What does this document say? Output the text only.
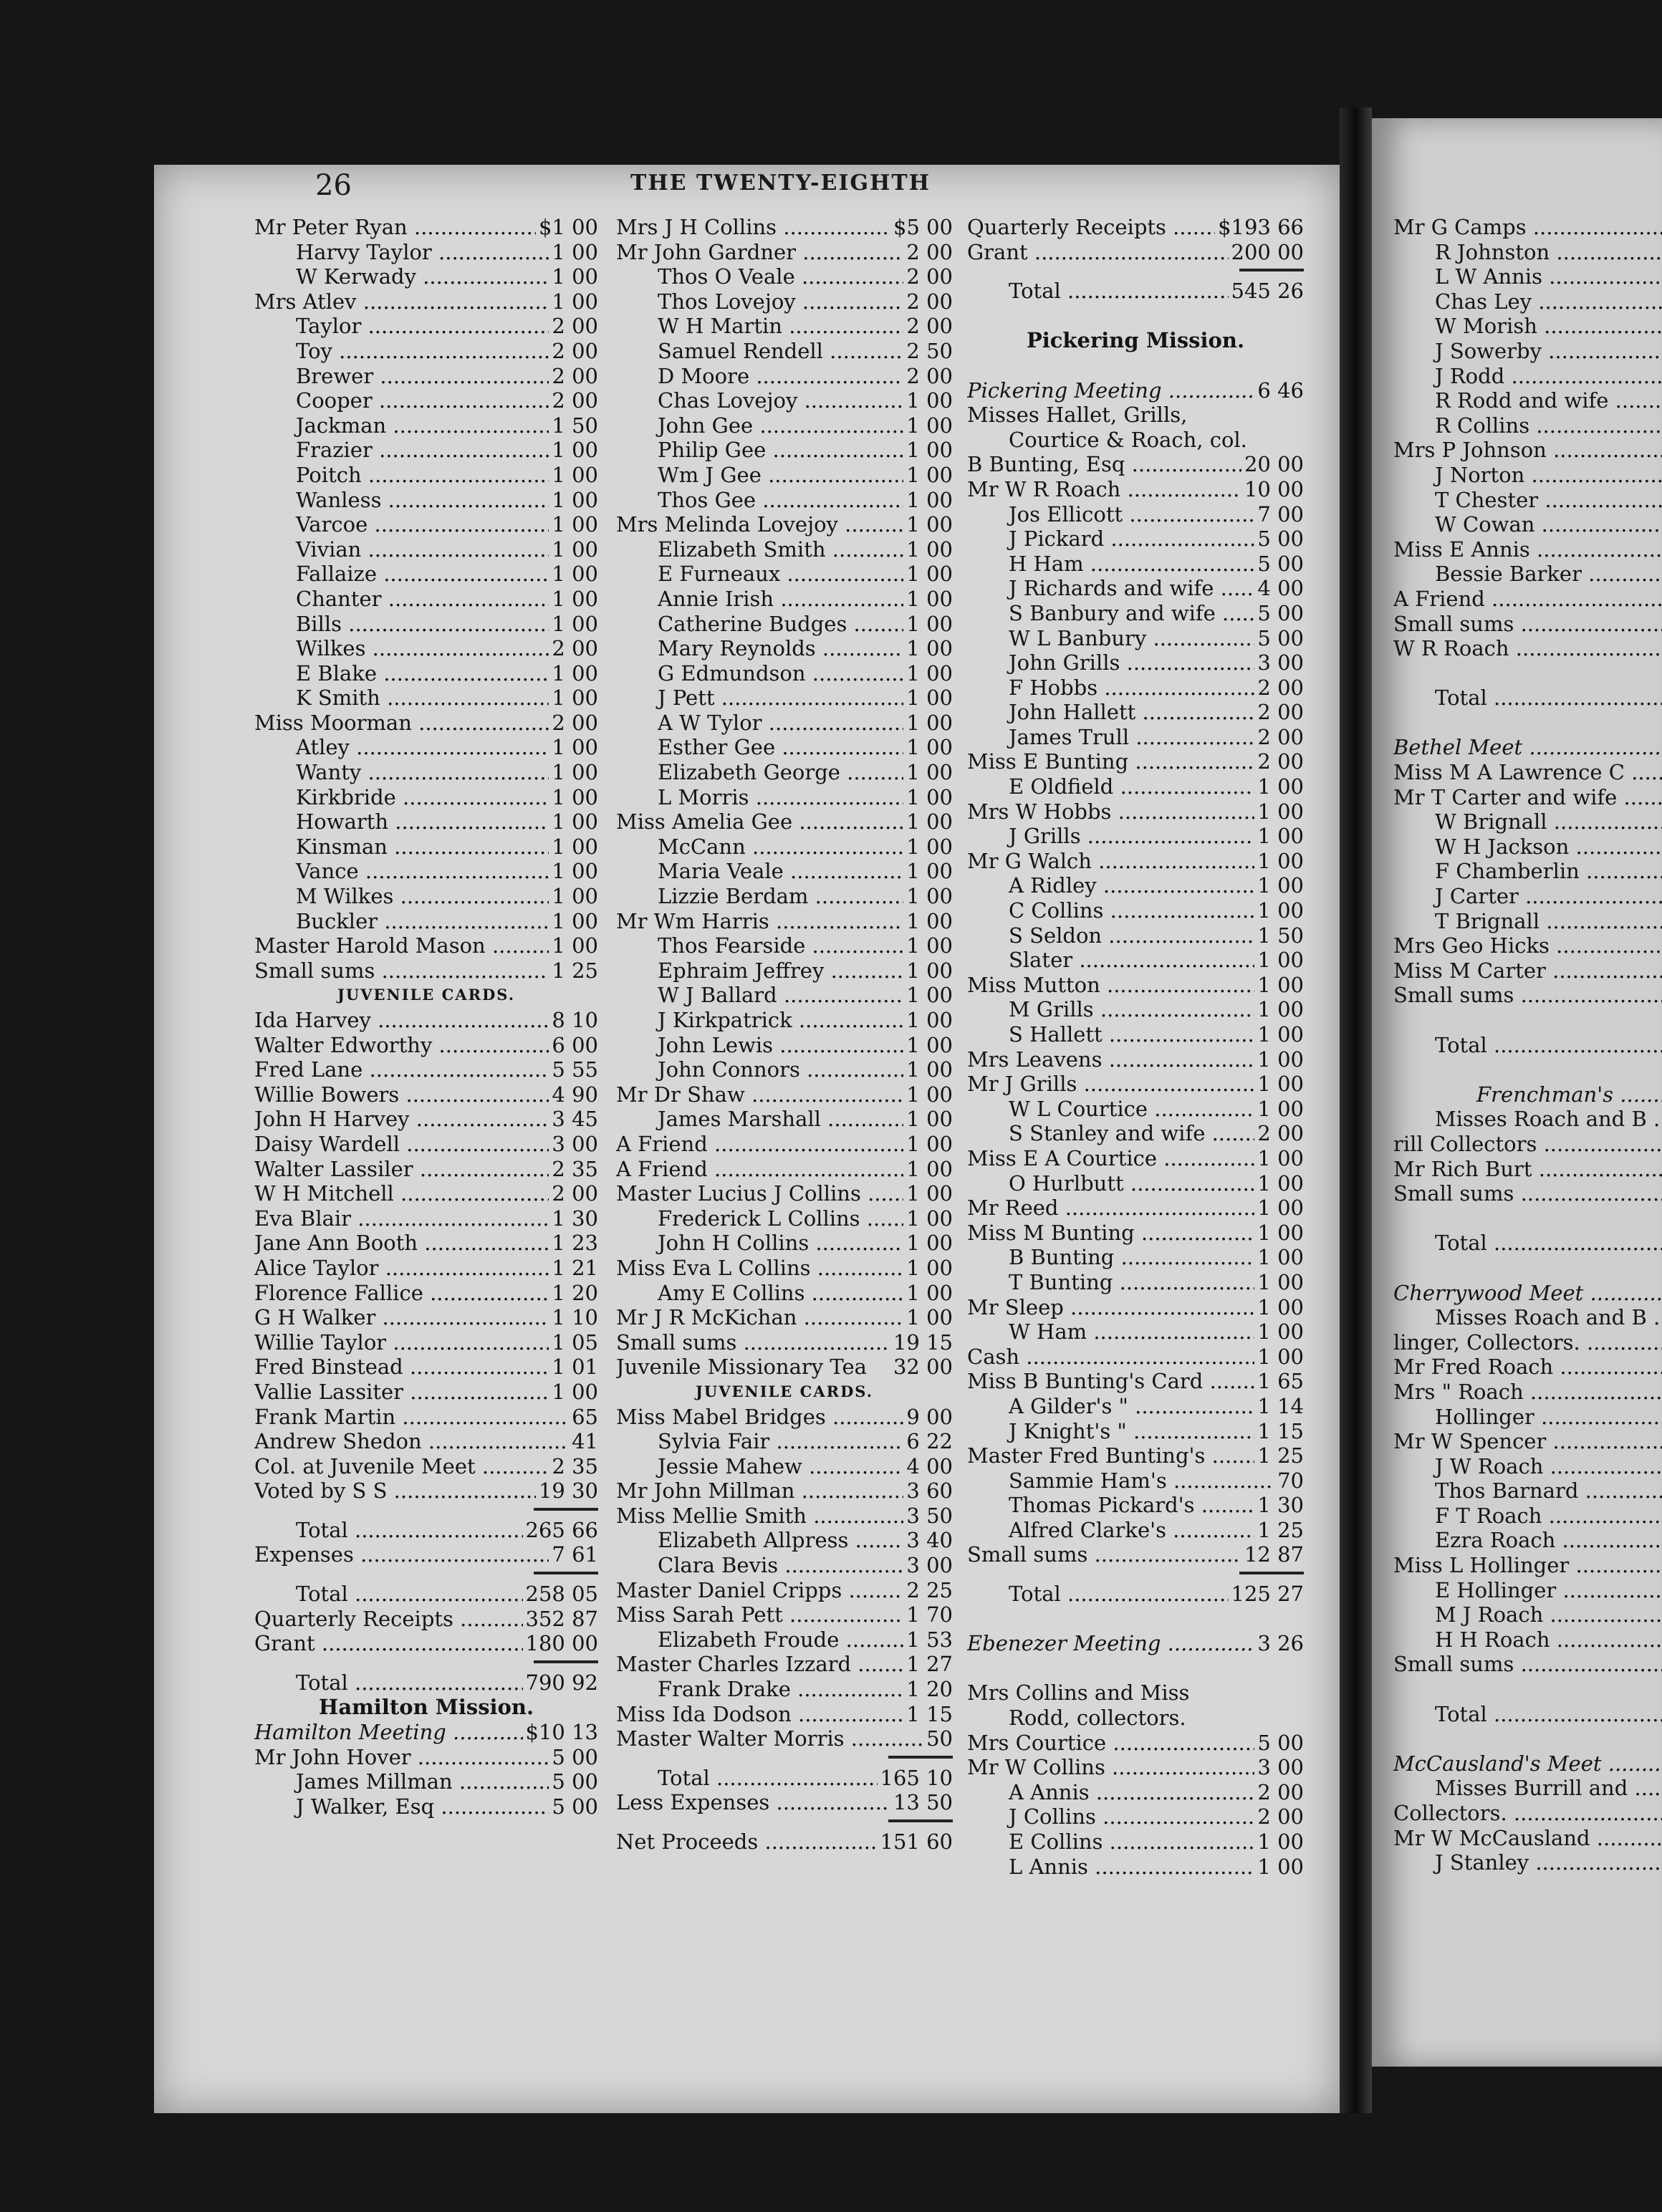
26	THE TWENTY-EIGHTH
Mr Peter Ryan .....	$1 00
Harvy Taylor .....	1 00
W Kerwady .....	1 00
Mrs Atlev .....	1 00
Taylor .....	2 00
Toy .....	2 00
Brewer .....	2 00
Cooper .....	2 00
Jackman .....	1 50
Frazier .....	1 00
Poitch .....	1 00
Wanless .....	1 00
Varcoe .....	1 00
Vivian .....	1 00
Fallaize .....	1 00
Chanter .....	1 00
Bills .....	1 00
Wilkes .....	2 00
E Blake .....	1 00
K Smith .....	1 00
Miss Moorman .....	2 00
Atley .....	1 00
Wanty .....	1 00
Kirkbride .....	1 00
Howarth .....	1 00
Kinsman .....	1 00
Vance .....	1 00
M Wilkes .....	1 00
Buckler .....	1 00
Master Harold Mason .....	1 00
Small sums .....	1 25
JUVENILE CARDS.
Ida Harvey .....	8 10
Walter Edworthy .....	6 00
Fred Lane .....	5 55
Willie Bowers .....	4 90
John H Harvey .....	3 45
Daisy Wardell .....	3 00
Walter Lassiler .....	2 35
W H Mitchell .....	2 00
Eva Blair .....	1 30
Jane Ann Booth .....	1 23
Alice Taylor .....	1 21
Florence Fallice .....	1 20
G H Walker .....	1 10
Willie Taylor .....	1 05
Fred Binstead .....	1 01
Vallie Lassiter .....	1 00
Frank Martin .....	65
Andrew Shedon .....	41
Col. at Juvenile Meet .....	2 35
Voted by S S .....	19 30
Total .....	265 66
Expenses .....	7 61
Total .....	258 05
Quarterly Receipts .....	352 87
Grant .....	180 00
Total .....	790 92
Hamilton Mission.
Hamilton Meeting .....	$10 13
Mr John Hover .....	5 00
James Millman .....	5 00
J Walker, Esq .....	5 00
Mrs J H Collins .....	$5 00
Mr John Gardner .....	2 00
Thos O Veale .....	2 00
Thos Lovejoy .....	2 00
W H Martin .....	2 00
Samuel Rendell .....	2 50
D Moore .....	2 00
Chas Lovejoy .....	1 00
John Gee .....	1 00
Philip Gee .....	1 00
Wm J Gee .....	1 00
Thos Gee .....	1 00
Mrs Melinda Lovejoy .....	1 00
Elizabeth Smith .....	1 00
E Furneaux .....	1 00
Annie Irish .....	1 00
Catherine Budges .....	1 00
Mary Reynolds .....	1 00
G Edmundson .....	1 00
J Pett .....	1 00
A W Tylor .....	1 00
Esther Gee .....	1 00
Elizabeth George .....	1 00
L Morris .....	1 00
Miss Amelia Gee .....	1 00
McCann .....	1 00
Maria Veale .....	1 00
Lizzie Berdam .....	1 00
Mr Wm Harris .....	1 00
Thos Fearside .....	1 00
Ephraim Jeffrey .....	1 00
W J Ballard .....	1 00
J Kirkpatrick .....	1 00
John Lewis .....	1 00
John Connors .....	1 00
Mr Dr Shaw .....	1 00
James Marshall .....	1 00
A Friend .....	1 00
A Friend .....	1 00
Master Lucius J Collins .....	1 00
Frederick L Collins .....	1 00
John H Collins .....	1 00
Miss Eva L Collins .....	1 00
Amy E Collins .....	1 00
Mr J R McKichan .....	1 00
Small sums .....	19 15
Juvenile Missionary Tea	32 00
JUVENILE CARDS.
Miss Mabel Bridges .....	9 00
Sylvia Fair .....	6 22
Jessie Mahew .....	4 00
Mr John Millman .....	3 60
Miss Mellie Smith .....	3 50
Elizabeth Allpress .....	3 40
Clara Bevis .....	3 00
Master Daniel Cripps .....	2 25
Miss Sarah Pett .....	1 70
Elizabeth Froude .....	1 53
Master Charles Izzard .....	1 27
Frank Drake .....	1 20
Miss Ida Dodson .....	1 15
Master Walter Morris .....	50
Total .....	165 10
Less Expenses .....	13 50
Net Proceeds .....	151 60
Quarterly Receipts .....	$193 66
Grant .....	200 00
Total .....	545 26
Pickering Mission.
Pickering Meeting .....	6 46
Misses Hallet, Grills,
Courtice & Roach, col.
B Bunting, Esq .....	20 00
Mr W R Roach .....	10 00
Jos Ellicott .....	7 00
J Pickard .....	5 00
H Ham .....	5 00
J Richards and wife .....	4 00
S Banbury and wife .....	5 00
W L Banbury .....	5 00
John Grills .....	3 00
F Hobbs .....	2 00
John Hallett .....	2 00
James Trull .....	2 00
Miss E Bunting .....	2 00
E Oldfield .....	1 00
Mrs W Hobbs .....	1 00
J Grills .....	1 00
Mr G Walch .....	1 00
A Ridley .....	1 00
C Collins .....	1 00
S Seldon .....	1 50
Slater .....	1 00
Miss Mutton .....	1 00
M Grills .....	1 00
S Hallett .....	1 00
Mrs Leavens .....	1 00
Mr J Grills .....	1 00
W L Courtice .....	1 00
S Stanley and wife .....	2 00
Miss E A Courtice .....	1 00
O Hurlbutt .....	1 00
Mr Reed .....	1 00
Miss M Bunting .....	1 00
B Bunting .....	1 00
T Bunting .....	1 00
Mr Sleep .....	1 00
W Ham .....	1 00
Cash .....	1 00
Miss B Bunting's Card .....	1 65
A Gilder's " .....	1 14
J Knight's " .....	1 15
Master Fred Bunting's .....	1 25
Sammie Ham's .....	70
Thomas Pickard's .....	1 30
Alfred Clarke's .....	1 25
Small sums .....	12 87
Total .....	125 27
Ebenezer Meeting .....	3 26
Mrs Collins and Miss
Rodd, collectors.
Mrs Courtice .....	5 00
Mr W Collins .....	3 00
A Annis .....	2 00
J Collins .....	2 00
E Collins .....	1 00
L Annis .....	1 00
Mr G Camps .....
R Johnston .....
L W Annis .....
Chas Ley .....
W Morish .....
J Sowerby .....
J Rodd .....
R Rodd and wife .....
R Collins .....
Mrs P Johnson .....
J Norton .....
T Chester .....
W Cowan .....
Miss E Annis .....
Bessie Barker .....
A Friend .....
Small sums .....
W R Roach .....
Total .....
Bethel Meet .....
Miss M A Lawrence C .....
Mr T Carter and wife .....
W Brignall .....
W H Jackson .....
F Chamberlin .....
J Carter .....
T Brignall .....
Mrs Geo Hicks .....
Miss M Carter .....
Small sums .....
Total .....
Frenchman's .....
Misses Roach and B .....
rill Collectors .....
Mr Rich Burt .....
Small sums .....
Total .....
Cherrywood Meet .....
Misses Roach and B .....
linger, Collectors. .....
Mr Fred Roach .....
Mrs " Roach .....
Hollinger .....
Mr W Spencer .....
J W Roach .....
Thos Barnard .....
F T Roach .....
Ezra Roach .....
Miss L Hollinger .....
E Hollinger .....
M J Roach .....
H H Roach .....
Small sums .....
Total .....
McCausland's Meet .....
Misses Burrill and .....
Collectors. .....
Mr W McCausland .....
J Stanley .....
